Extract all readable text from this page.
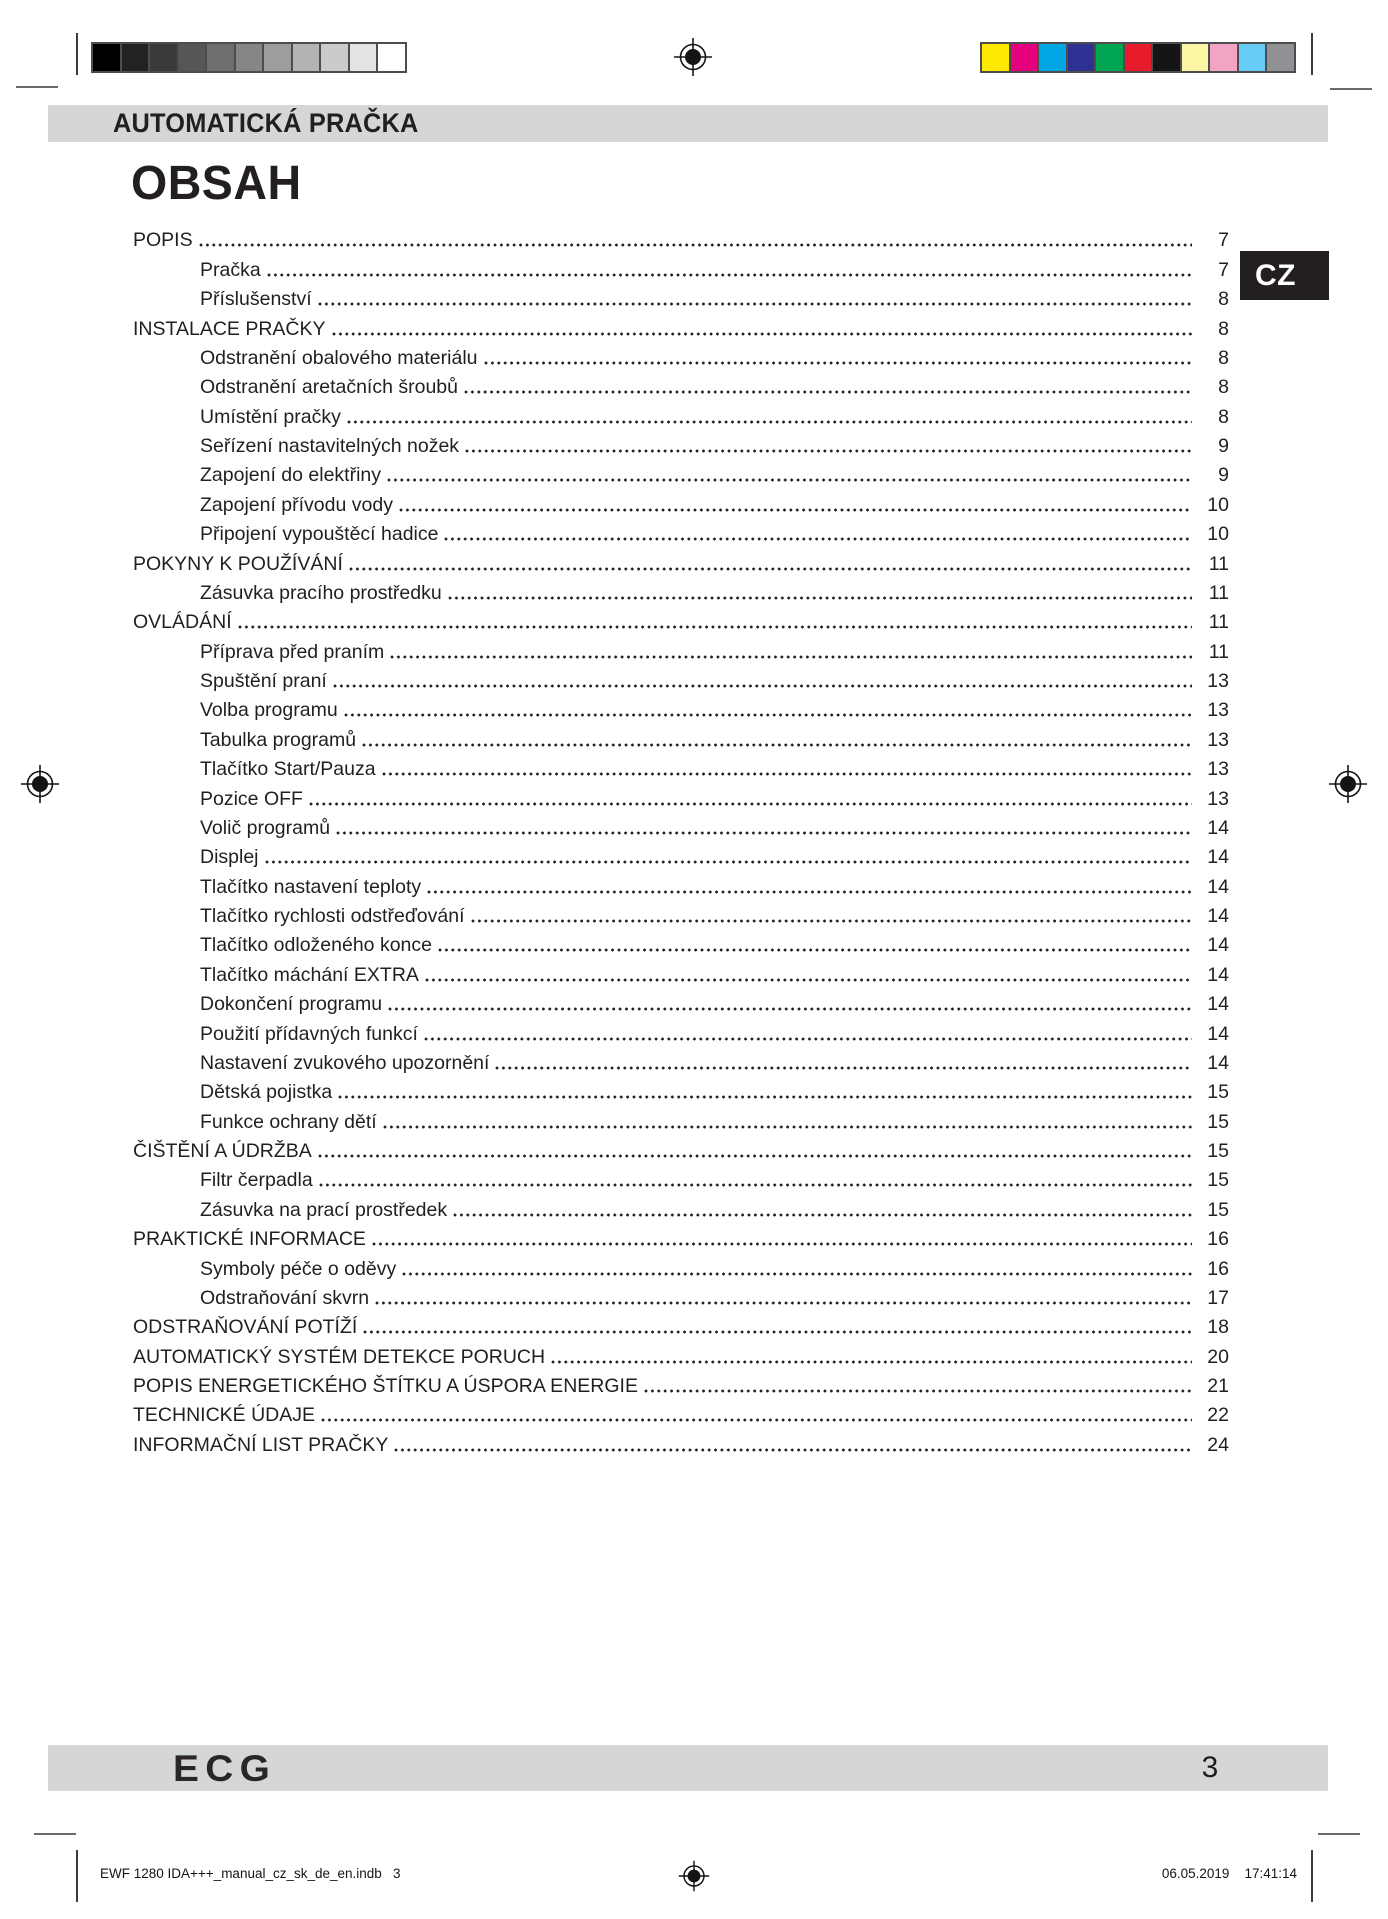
AUTOMATICKÁ PRAČKA
OBSAH
CZ
POPIS	7
Pračka	7
Příslušenství	8
INSTALACE PRAČKY	8
Odstranění obalového materiálu	8
Odstranění aretačních šroubů	8
Umístění pračky	8
Seřízení nastavitelných nožek	9
Zapojení do elektřiny	9
Zapojení přívodu vody	10
Připojení vypouštěcí hadice	10
POKYNY K POUŽÍVÁNÍ	11
Zásuvka pracího prostředku	11
OVLÁDÁNÍ	11
Příprava před praním	11
Spuštění praní	13
Volba programu	13
Tabulka programů	13
Tlačítko Start/Pauza	13
Pozice OFF	13
Volič programů	14
Displej	14
Tlačítko nastavení teploty	14
Tlačítko rychlosti odstřeďování	14
Tlačítko odloženého konce	14
Tlačítko máchání EXTRA	14
Dokončení programu	14
Použití přídavných funkcí	14
Nastavení zvukového upozornění	14
Dětská pojistka	15
Funkce ochrany dětí	15
ČIŠTĚNÍ A ÚDRŽBA	15
Filtr čerpadla	15
Zásuvka na prací prostředek	15
PRAKTICKÉ INFORMACE	16
Symboly péče o oděvy	16
Odstraňování skvrn	17
ODSTRAŇOVÁNÍ POTÍŽÍ	18
AUTOMATICKÝ SYSTÉM DETEKCE PORUCH	20
POPIS ENERGETICKÉHO ŠTÍTKU A ÚSPORA ENERGIE	21
TECHNICKÉ ÚDAJE	22
INFORMAČNÍ LIST PRAČKY	24
ECG	3
EWF 1280 IDA+++_manual_cz_sk_de_en.indb   3	06.05.2019    17:41:14
